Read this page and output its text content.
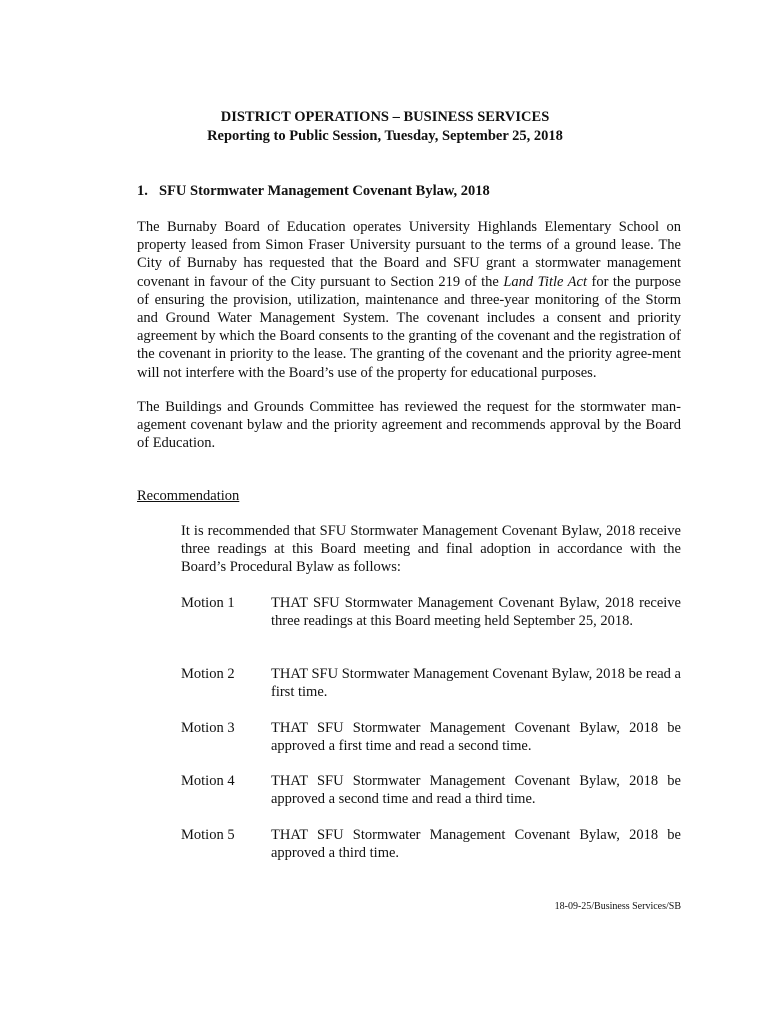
DISTRICT OPERATIONS – BUSINESS SERVICES
Reporting to Public Session, Tuesday, September 25, 2018
1. SFU Stormwater Management Covenant Bylaw, 2018
The Burnaby Board of Education operates University Highlands Elementary School on property leased from Simon Fraser University pursuant to the terms of a ground lease. The City of Burnaby has requested that the Board and SFU grant a stormwater management covenant in favour of the City pursuant to Section 219 of the Land Title Act for the purpose of ensuring the provision, utilization, maintenance and three-year monitoring of the Storm and Ground Water Management System. The covenant includes a consent and priority agreement by which the Board consents to the granting of the covenant and the registration of the covenant in priority to the lease. The granting of the covenant and the priority agree-ment will not interfere with the Board’s use of the property for educational purposes.
The Buildings and Grounds Committee has reviewed the request for the stormwater man-agement covenant bylaw and the priority agreement and recommends approval by the Board of Education.
Recommendation
It is recommended that SFU Stormwater Management Covenant Bylaw, 2018 receive three readings at this Board meeting and final adoption in accordance with the Board’s Procedural Bylaw as follows:
Motion 1	THAT SFU Stormwater Management Covenant Bylaw, 2018 receive three readings at this Board meeting held September 25, 2018.
Motion 2	THAT SFU Stormwater Management Covenant Bylaw, 2018 be read a first time.
Motion 3	THAT SFU Stormwater Management Covenant Bylaw, 2018 be approved a first time and read a second time.
Motion 4	THAT SFU Stormwater Management Covenant Bylaw, 2018 be approved a second time and read a third time.
Motion 5	THAT SFU Stormwater Management Covenant Bylaw, 2018 be approved a third time.
18-09-25/Business Services/SB
